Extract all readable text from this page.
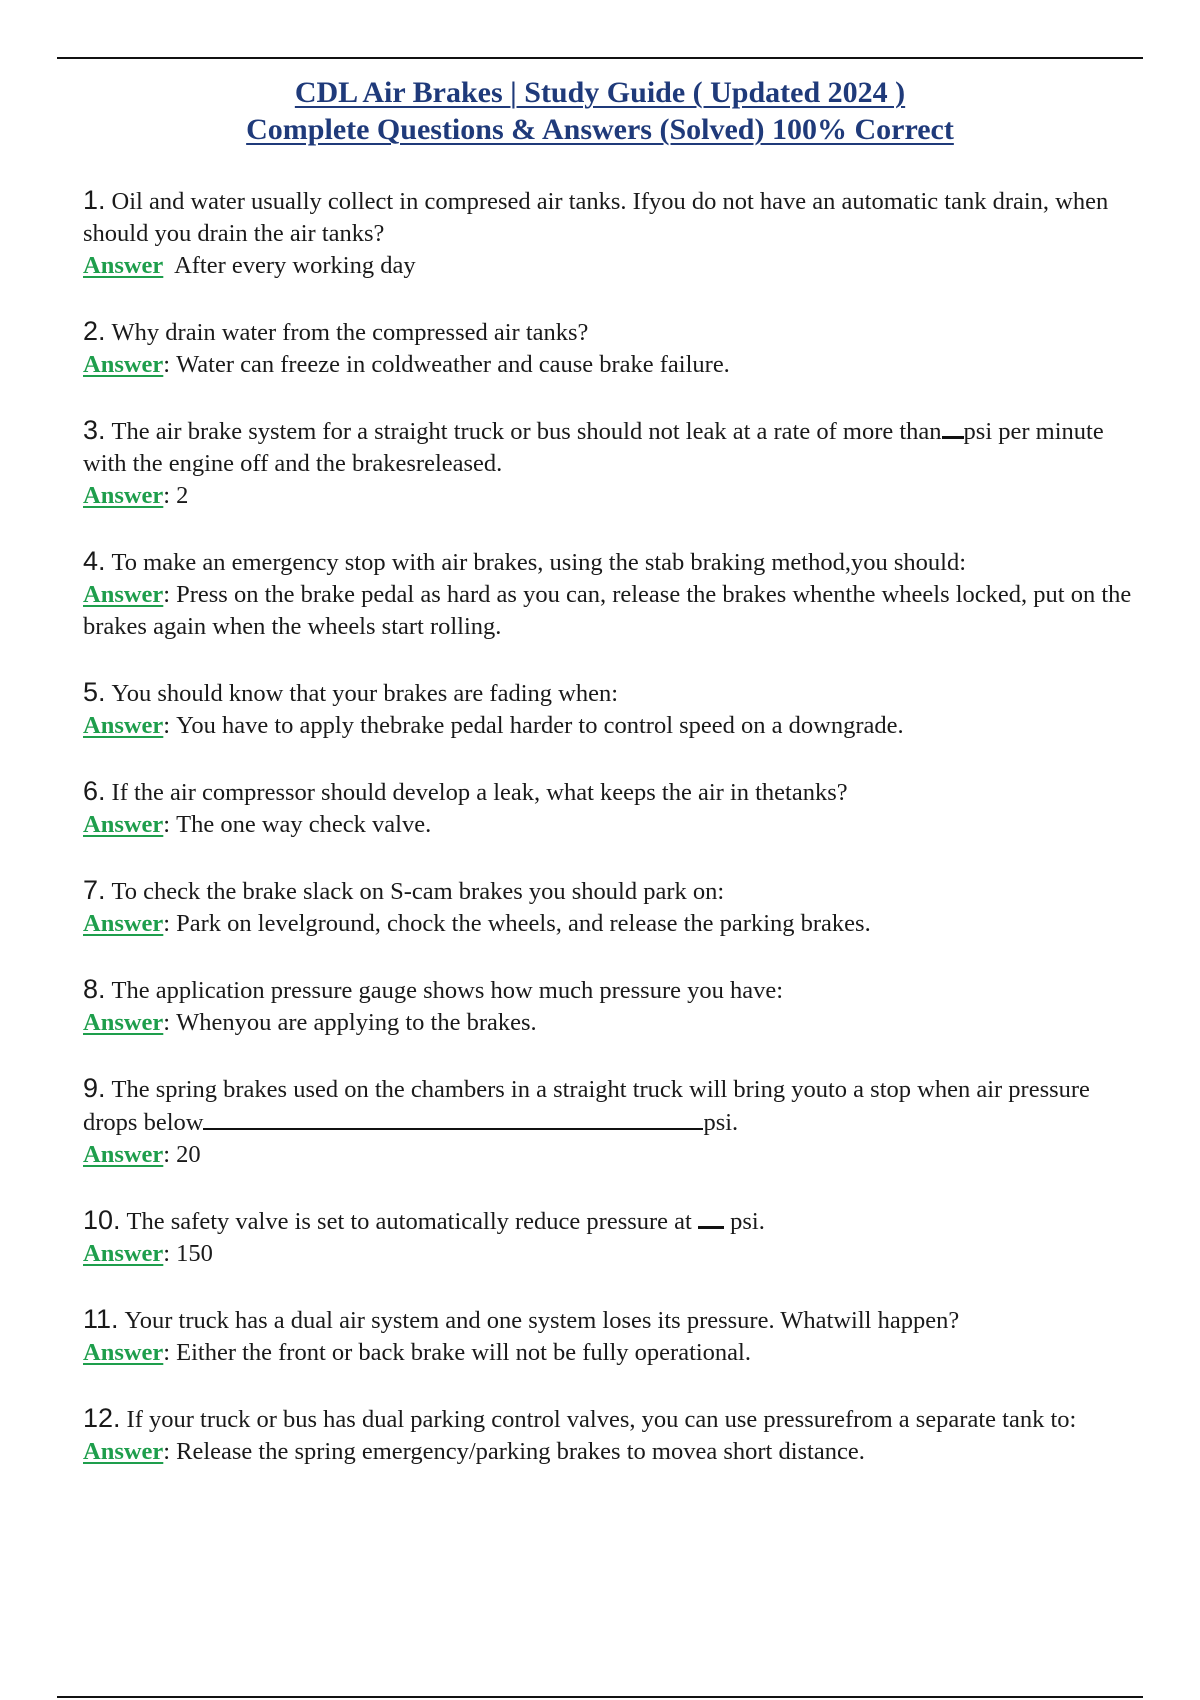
CDL Air Brakes | Study Guide ( Updated 2024 )
Complete Questions & Answers (Solved) 100% Correct
1. Oil and water usually collect in compresed air tanks. Ifyou do not have an automatic tank drain, when should you drain the air tanks?
Answer After every working day
2. Why drain water from the compressed air tanks?
Answer: Water can freeze in coldweather and cause brake failure.
3. The air brake system for a straight truck or bus should not leak at a rate of more than psi per minute with the engine off and the brakesreleased.
Answer: 2
4. To make an emergency stop with air brakes, using the stab braking method,you should:
Answer: Press on the brake pedal as hard as you can, release the brakes whenthe wheels locked, put on the brakes again when the wheels start rolling.
5. You should know that your brakes are fading when:
Answer: You have to apply thebrake pedal harder to control speed on a downgrade.
6. If the air compressor should develop a leak, what keeps the air in thetanks?
Answer: The one way check valve.
7. To check the brake slack on S-cam brakes you should park on:
Answer: Park on levelground, chock the wheels, and release the parking brakes.
8. The application pressure gauge shows how much pressure you have:
Answer: Whenyou are applying to the brakes.
9. The spring brakes used on the chambers in a straight truck will bring youto a stop when air pressure drops below	psi.
Answer: 20
10. The safety valve is set to automatically reduce pressure at psi.
Answer: 150
11. Your truck has a dual air system and one system loses its pressure. Whatwill happen?
Answer: Either the front or back brake will not be fully operational.
12. If your truck or bus has dual parking control valves, you can use pressurefrom a separate tank to:
Answer: Release the spring emergency/parking brakes to movea short distance.
